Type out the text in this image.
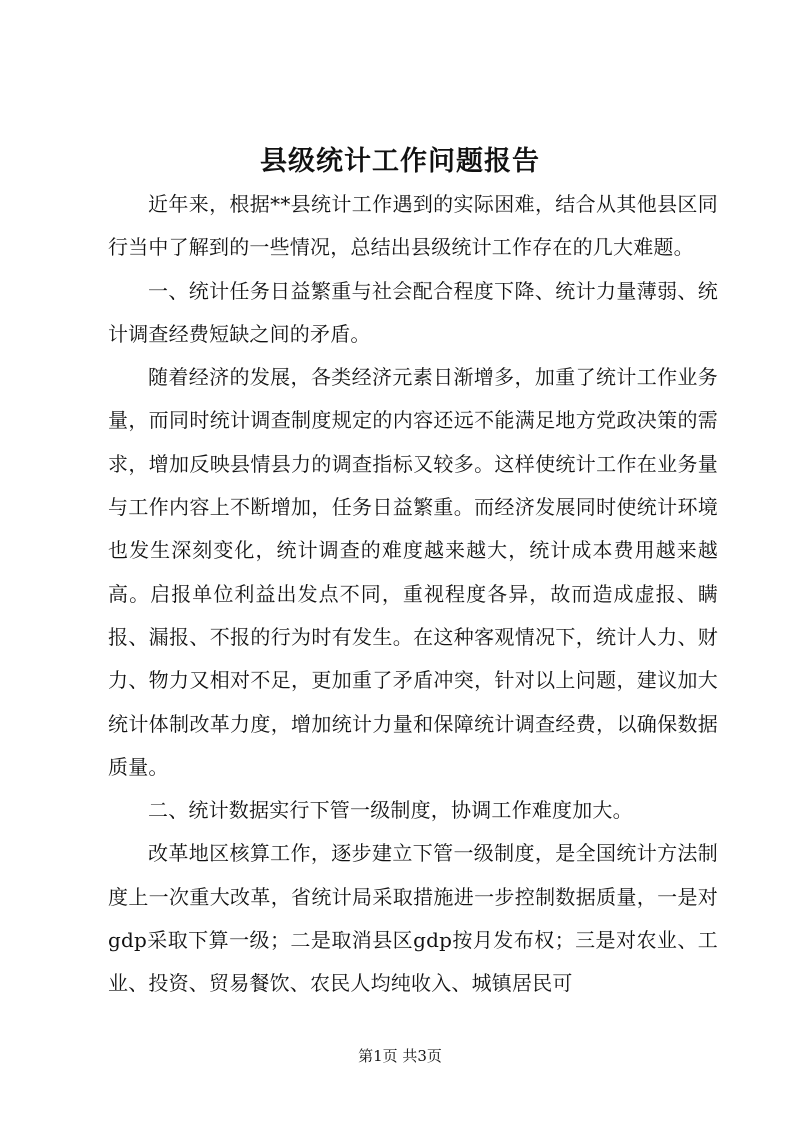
县级统计工作问题报告

近年来，根据**县统计工作遇到的实际困难，结合从其他县区同行当中了解到的一些情况，总结出县级统计工作存在的几大难题。

一、统计任务日益繁重与社会配合程度下降、统计力量薄弱、统计调查经费短缺之间的矛盾。

随着经济的发展，各类经济元素日渐增多，加重了统计工作业务量，而同时统计调查制度规定的内容还远不能满足地方党政决策的需求，增加反映县情县力的调查指标又较多。这样使统计工作在业务量与工作内容上不断增加，任务日益繁重。而经济发展同时使统计环境也发生深刻变化，统计调查的难度越来越大，统计成本费用越来越高。启报单位利益出发点不同，重视程度各异，故而造成虚报、瞒报、漏报、不报的行为时有发生。在这种客观情况下，统计人力、财力、物力又相对不足，更加重了矛盾冲突，针对以上问题，建议加大统计体制改革力度，增加统计力量和保障统计调查经费，以确保数据质量。

二、统计数据实行下管一级制度，协调工作难度加大。

改革地区核算工作，逐步建立下管一级制度，是全国统计方法制度上一次重大改革，省统计局采取措施进一步控制数据质量，一是对gdp采取下算一级；二是取消县区gdp按月发布权；三是对农业、工业、投资、贸易餐饮、农民人均纯收入、城镇居民可

第1页 共3页
